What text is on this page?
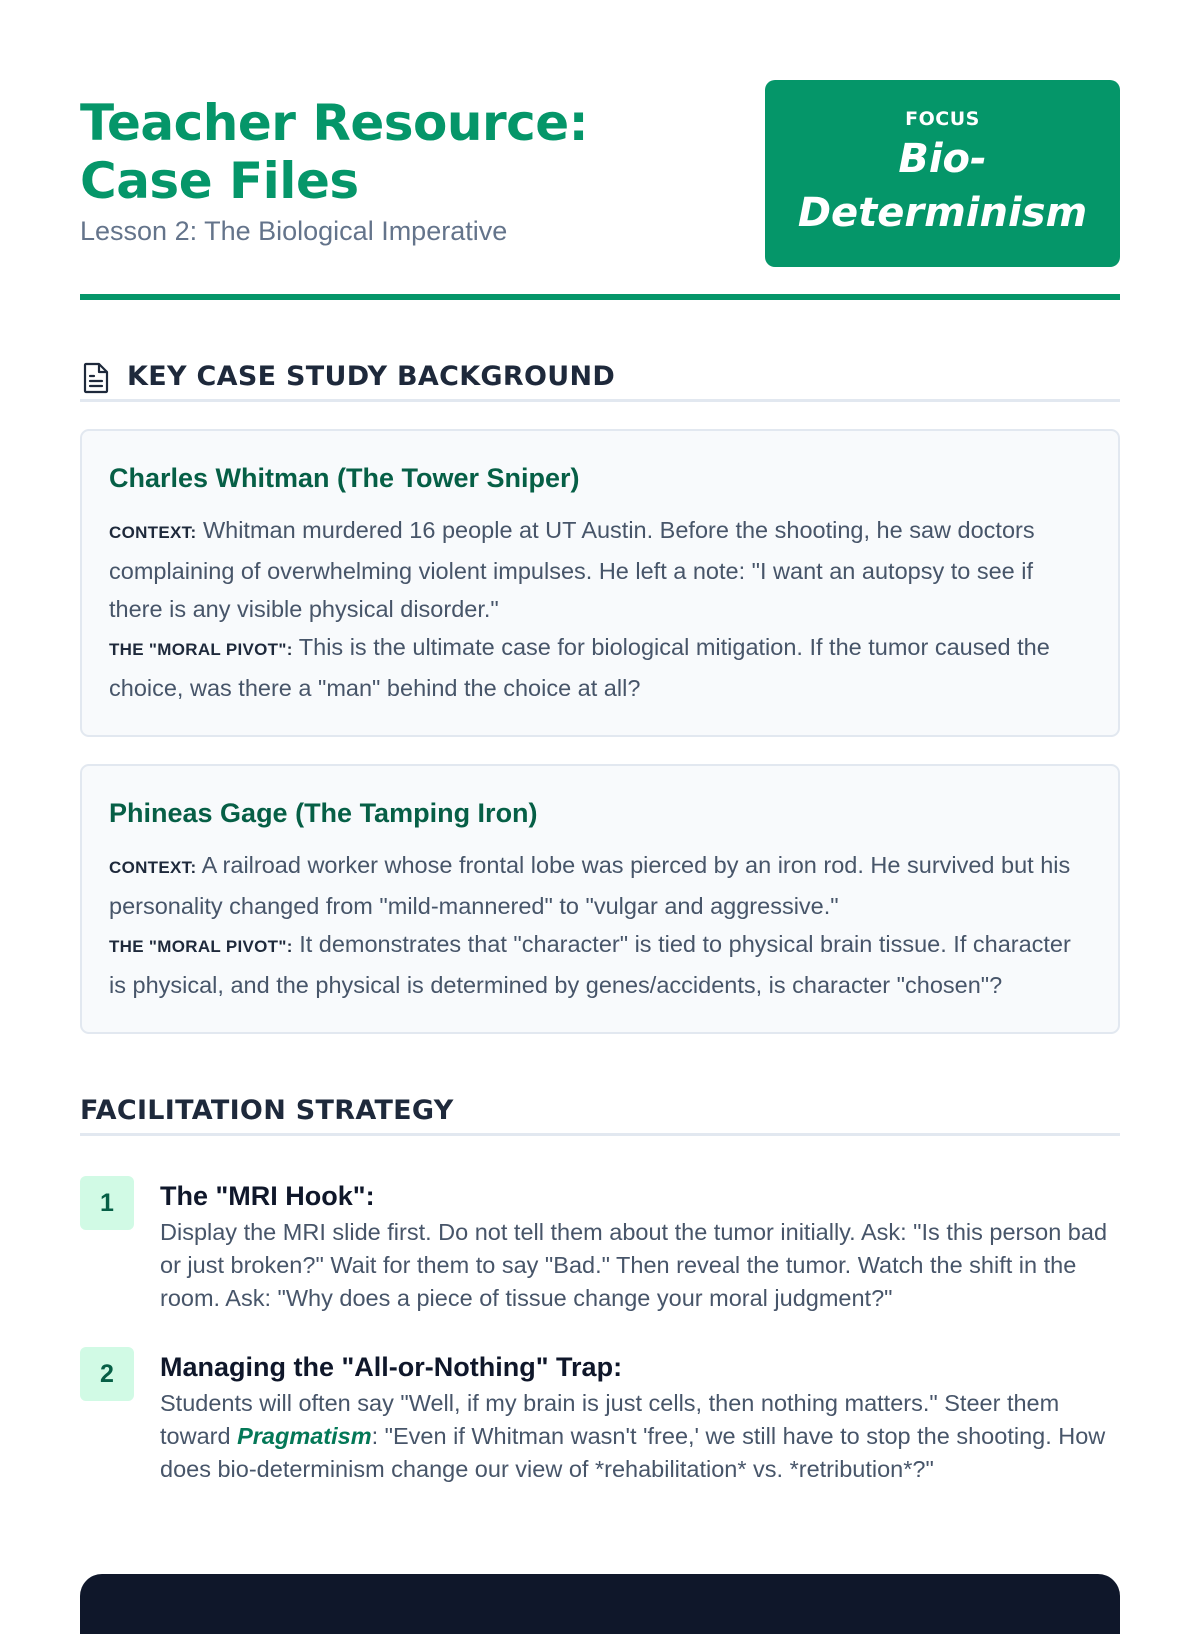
Teacher Resource: Case Files

Lesson 2: The Biological Imperative

FOCUS
Bio-Determinism
KEY CASE STUDY BACKGROUND
Charles Whitman (The Tower Sniper)

CONTEXT: Whitman murdered 16 people at UT Austin. Before the shooting, he saw doctors complaining of overwhelming violent impulses. He left a note: "I want an autopsy to see if there is any visible physical disorder."
THE "MORAL PIVOT": This is the ultimate case for biological mitigation. If the tumor caused the choice, was there a "man" behind the choice at all?

Phineas Gage (The Tamping Iron)

CONTEXT: A railroad worker whose frontal lobe was pierced by an iron rod. He survived but his personality changed from "mild-mannered" to "vulgar and aggressive."
THE "MORAL PIVOT": It demonstrates that "character" is tied to physical brain tissue. If character is physical, and the physical is determined by genes/accidents, is character "chosen"?

FACILITATION STRATEGY
1	The "MRI Hook":

Display the MRI slide first. Do not tell them about the tumor initially. Ask: "Is this person bad or just broken?" Wait for them to say "Bad." Then reveal the tumor. Watch the shift in the room. Ask: "Why does a piece of tissue change your moral judgment?"

2	Managing the "All-or-Nothing" Trap:

Students will often say "Well, if my brain is just cells, then nothing matters." Steer them toward Pragmatism: "Even if Whitman wasn't 'free,' we still have to stop the shooting. How does bio-determinism change our view of *rehabilitation* vs. *retribution*?"
